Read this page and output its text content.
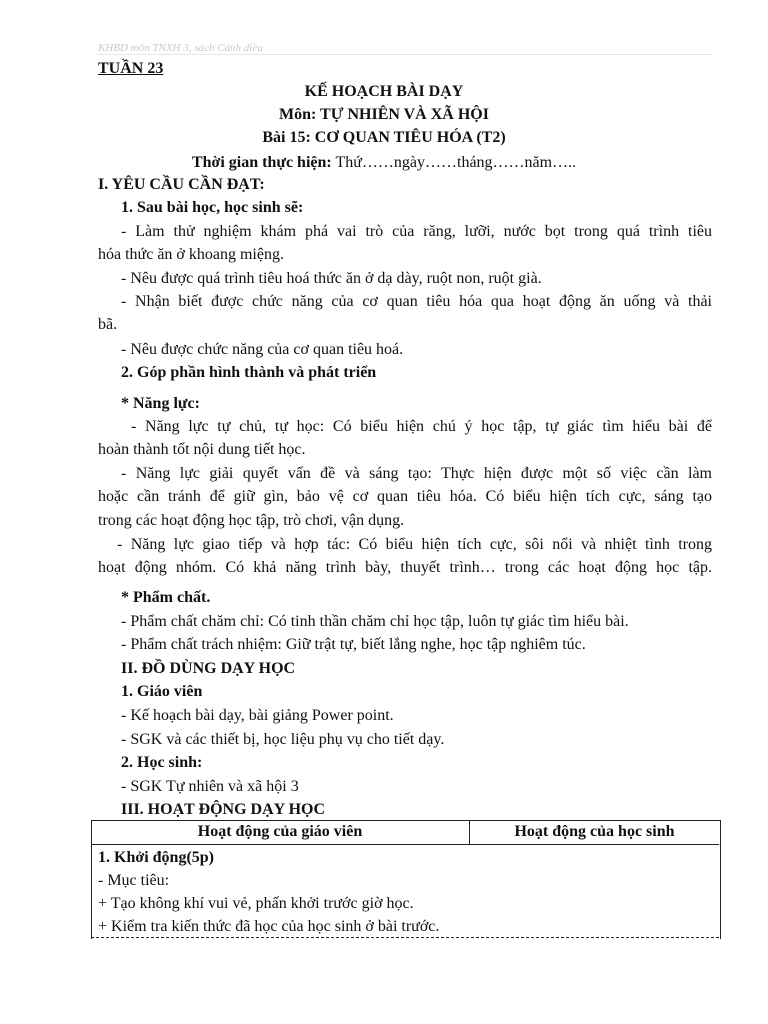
KHBD môn TNXH 3, sách Cánh diều
TUẦN 23
KẾ HOẠCH BÀI DẠY
Môn: TỰ NHIÊN VÀ XÃ HỘI
Bài 15: CƠ QUAN TIÊU HÓA (T2)
Thời gian thực hiện: Thứ……ngày……tháng……năm…..
I. YÊU CẦU CẦN ĐẠT:
1. Sau bài học, học sinh sẽ:
- Làm thử nghiệm khám phá vai trò của răng, lưỡi, nước bọt trong quá trình tiêu
hóa thức ăn ở khoang miệng.
- Nêu được quá trình tiêu hoá thức ăn ở dạ dày, ruột non, ruột già.
- Nhận biết được chức năng của cơ quan tiêu hóa qua hoạt động ăn uống và thải
bã.
- Nêu được chức năng của cơ quan tiêu hoá.
2. Góp phần hình thành và phát triển
* Năng lực:
- Năng lực tự chủ, tự học: Có biểu hiện chú ý học tập, tự giác tìm hiểu bài để
hoàn thành tốt nội dung tiết học.
- Năng lực giải quyết vấn đề và sáng tạo: Thực hiện được một số việc cần làm
hoặc cần tránh để giữ gìn, bảo vệ cơ quan tiêu hóa. Có biểu hiện tích cực, sáng tạo
trong các hoạt động học tập, trò chơi, vận dụng.
- Năng lực giao tiếp và hợp tác: Có biểu hiện tích cực, sôi nổi và nhiệt tình trong
hoạt động nhóm. Có khả năng trình bày, thuyết trình… trong các hoạt động học tập.
* Phẩm chất.
- Phẩm chất chăm chỉ: Có tinh thần chăm chỉ học tập, luôn tự giác tìm hiểu bài.
- Phẩm chất trách nhiệm: Giữ trật tự, biết lắng nghe, học tập nghiêm túc.
II. ĐỒ DÙNG DẠY HỌC
1. Giáo viên
- Kế hoạch bài dạy, bài giảng Power point.
- SGK và các thiết bị, học liệu phụ vụ cho tiết dạy.
2. Học sinh:
- SGK Tự nhiên và xã hội 3
III. HOẠT ĐỘNG DẠY HỌC
Hoạt động của giáo viên	Hoạt động của học sinh
1. Khởi động(5p)
- Mục tiêu:
+ Tạo không khí vui vẻ, phấn khởi trước giờ học.
+ Kiểm tra kiến thức đã học của học sinh ở bài trước.
